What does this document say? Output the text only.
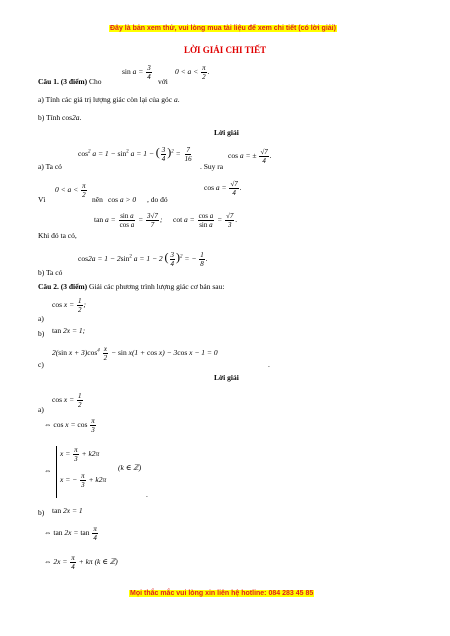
Đây là bản xem thử, vui lòng mua tài liệu để xem chi tiết (có lời giải)
LỜI GIẢI CHI TIẾT
Câu 1. (3 điểm) Cho
$\sin a = \frac{3}{4}$
với
$0 < a < \frac{\pi}{2}$ .
a) Tính các giá trị lượng giác còn lại của góc a.
b) Tính cos2a.
Lời giải
a) Ta có
$\cos^2 a = 1 - \sin^2 a = 1$ − ( $\frac{3}{4} )^2 = \frac{7}{16}$
. Suy ra
cos a = ± $\frac{√7}{4}$ .
$0 < a < \frac{\pi}{2}$
Vì	nên cos a > 0 , do đó
$\cos a = \frac{√7}{4}$ .
Khi đó ta có,
$\tan a = \frac{\text{sin a}}{\text{cos a}} = \frac{3√7}{7}$ ; $\cot a = \frac{\text{cos a}}{\text{sin a}} = \frac{√7}{3}$ .
$\cos 2a = 1 - 2\sin^2$ a = 1 − 2 ( $\frac{3}{4} )^2$ = − $\frac{1}{8}$ .
b) Ta có
Câu 2. (3 điểm) Giải các phương trình lượng giác cơ bản sau:
$\cos x = \frac{1}{2}$ ;
a)
b) tan 2x = 1;
2(sin $x + 3)\cos^4 \frac{x}{2} - \sin x(1 + \cos x) - 3\cos$ x − 1 = 0
c)	.
Lời giải
$\cos x = \frac{1}{2}$
a)
⇔ $\cos x = \cos \frac{\pi}{3}$
⇔
$x = \frac{\pi}{3} + k2\pi$
x = − $\frac{\pi}{3} + k2\pi$
(k ∈ ℤ)
.
b) tan 2x = 1
⇔ $\tan 2x = \tan \frac{\pi}{4}$
⇔ $2x = \frac{\pi}{4} + k\pi$ (k ∈ ℤ)
Mọi thắc mắc vui lòng xin liên hệ hotline: 084 283 45 85
